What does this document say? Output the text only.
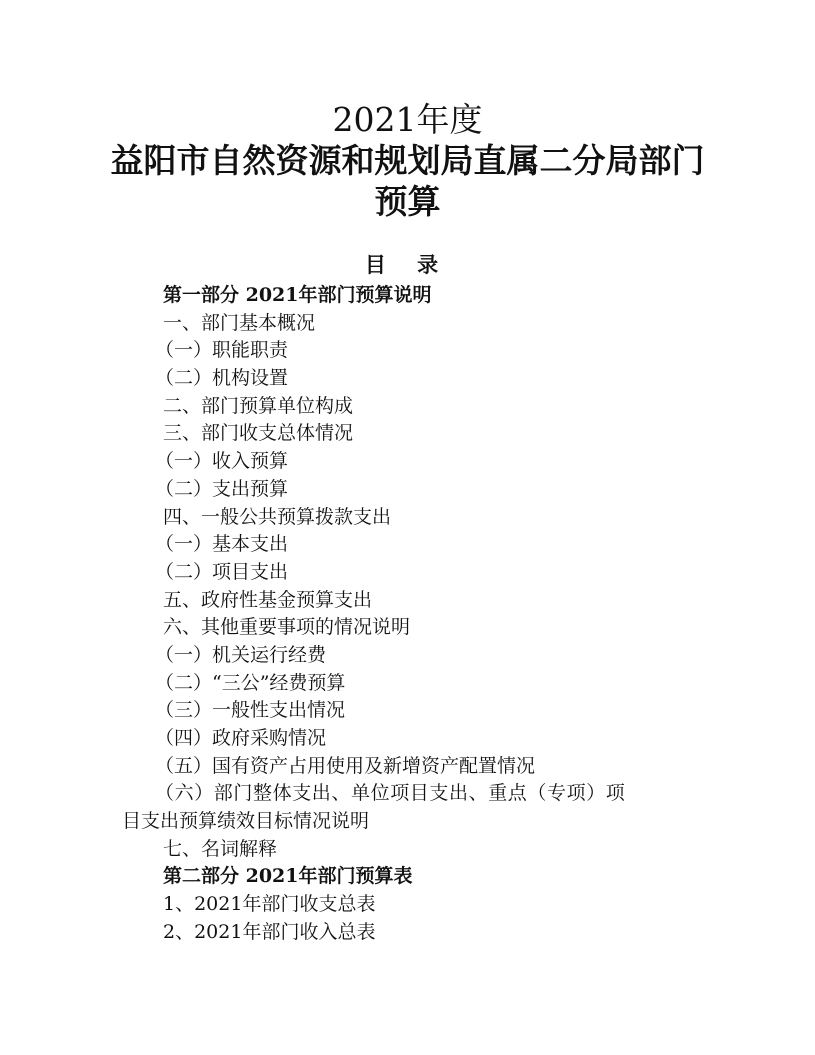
2021年度
益阳市自然资源和规划局直属二分局部门
预算
目 录
第一部分 2021年部门预算说明
一、部门基本概况
（一）职能职责
（二）机构设置
二、部门预算单位构成
三、部门收支总体情况
（一）收入预算
（二）支出预算
四、一般公共预算拨款支出
（一）基本支出
（二）项目支出
五、政府性基金预算支出
六、其他重要事项的情况说明
（一）机关运行经费
（二）“三公”经费预算
（三）一般性支出情况
（四）政府采购情况
（五）国有资产占用使用及新增资产配置情况
（六）部门整体支出、单位项目支出、重点（专项）项
目支出预算绩效目标情况说明
七、名词解释
第二部分 2021年部门预算表
1、2021年部门收支总表
2、2021年部门收入总表
